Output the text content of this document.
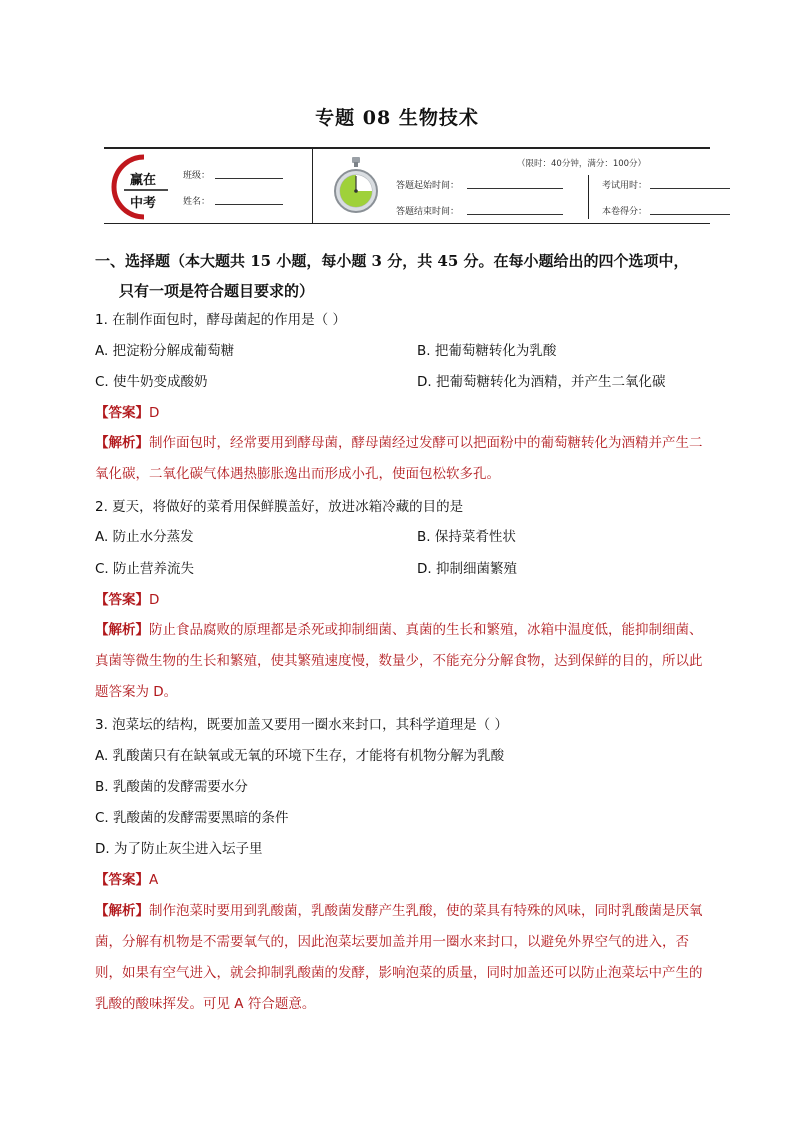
专题 08 生物技术
赢在
中考
班级：
姓名：
（限时：40分钟，满分：100分）
答题起始时间：
答题结束时间：
考试用时：
本卷得分：
一、选择题（本大题共 15 小题，每小题 3 分，共 45 分。在每小题给出的四个选项中，
只有一项是符合题目要求的）
1. 在制作面包时，酵母菌起的作用是（ ）
A. 把淀粉分解成葡萄糖	B. 把葡萄糖转化为乳酸
C. 使牛奶变成酸奶	D. 把葡萄糖转化为酒精，并产生二氧化碳
【答案】D
【解析】制作面包时，经常要用到酵母菌，酵母菌经过发酵可以把面粉中的葡萄糖转化为酒精并产生二氧化碳，二氧化碳气体遇热膨胀逸出而形成小孔，使面包松软多孔。
2. 夏天，将做好的菜肴用保鲜膜盖好，放进冰箱冷藏的目的是
A. 防止水分蒸发	B. 保持菜肴性状
C. 防止营养流失	D. 抑制细菌繁殖
【答案】D
【解析】防止食品腐败的原理都是杀死或抑制细菌、真菌的生长和繁殖，冰箱中温度低，能抑制细菌、真菌等微生物的生长和繁殖，使其繁殖速度慢，数量少，不能充分分解食物，达到保鲜的目的，所以此题答案为 D。
3. 泡菜坛的结构，既要加盖又要用一圈水来封口，其科学道理是（ ）
A. 乳酸菌只有在缺氧或无氧的环境下生存，才能将有机物分解为乳酸
B. 乳酸菌的发酵需要水分
C. 乳酸菌的发酵需要黑暗的条件
D. 为了防止灰尘进入坛子里
【答案】A
【解析】制作泡菜时要用到乳酸菌，乳酸菌发酵产生乳酸，使的菜具有特殊的风味，同时乳酸菌是厌氧菌，分解有机物是不需要氧气的，因此泡菜坛要加盖并用一圈水来封口，以避免外界空气的进入，否则，如果有空气进入，就会抑制乳酸菌的发酵，影响泡菜的质量，同时加盖还可以防止泡菜坛中产生的乳酸的酸味挥发。可见 A 符合题意。
